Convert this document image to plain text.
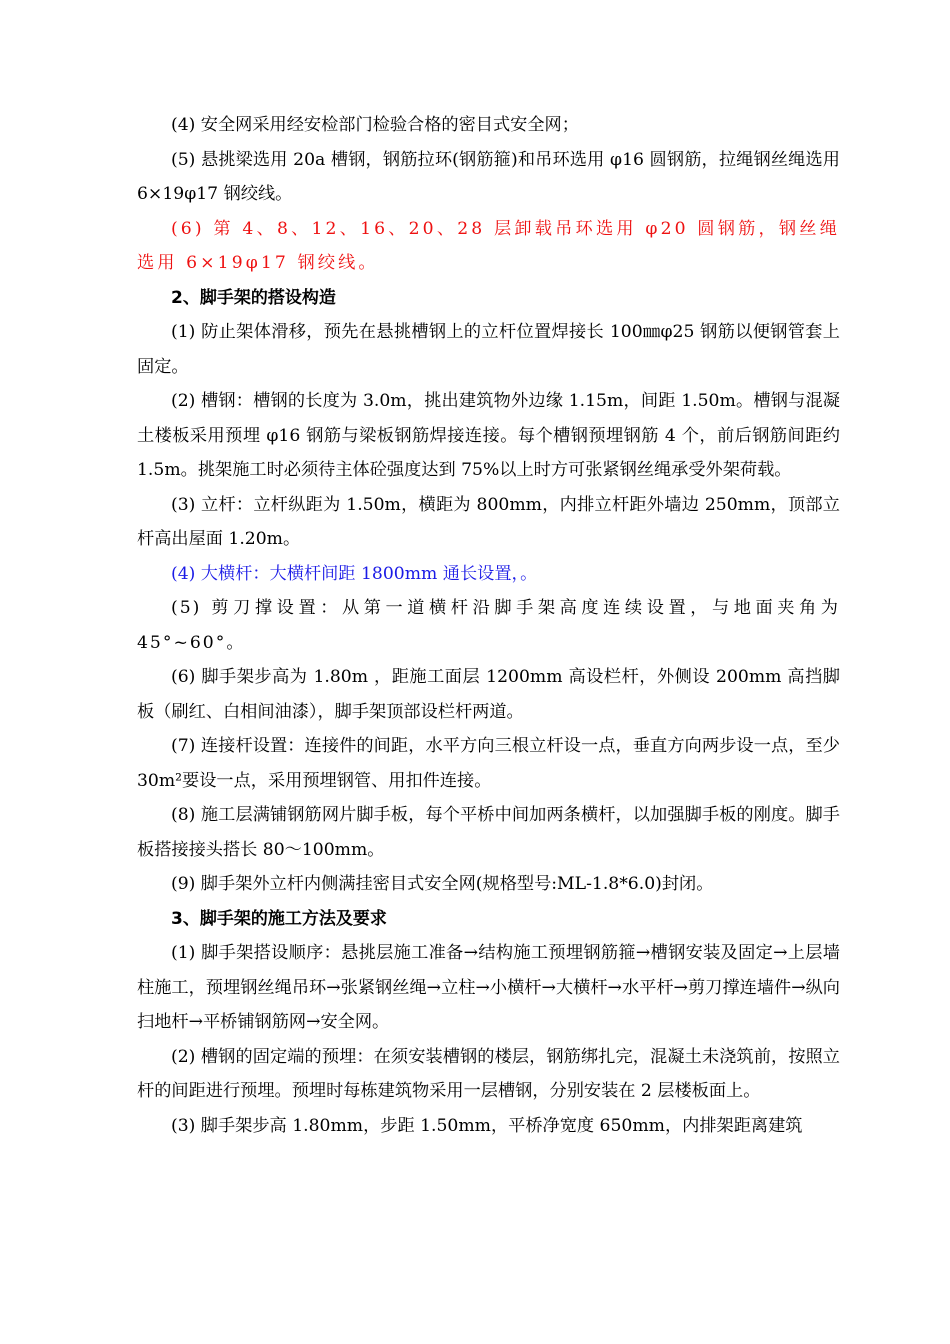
(4) 安全网采用经安检部门检验合格的密目式安全网；

(5) 悬挑梁选用 20a 槽钢，钢筋拉环(钢筋箍)和吊环选用 φ16 圆钢筋，拉绳钢丝绳选用 6×19φ17 钢绞线。

(6) 第 4、8、12、16、20、28 层卸载吊环选用 φ20 圆钢筋，钢丝绳选用 6×19φ17 钢绞线。

2、脚手架的搭设构造

(1) 防止架体滑移，预先在悬挑槽钢上的立杆位置焊接长 100㎜φ25 钢筋以便钢管套上固定。

(2) 槽钢：槽钢的长度为 3.0m，挑出建筑物外边缘 1.15m，间距 1.50m。槽钢与混凝土楼板采用预埋 φ16 钢筋与梁板钢筋焊接连接。每个槽钢预埋钢筋 4 个，前后钢筋间距约 1.5m。挑架施工时必须待主体砼强度达到 75%以上时方可张紧钢丝绳承受外架荷载。

(3) 立杆：立杆纵距为 1.50m，横距为 800mm，内排立杆距外墙边 250mm，顶部立杆高出屋面 1.20m。

(4) 大横杆：大横杆间距 1800mm 通长设置，。

(5) 剪刀撑设置：从第一道横杆沿脚手架高度连续设置，与地面夹角为 45°~60°。

(6) 脚手架步高为 1.80m ，距施工面层 1200mm 高设栏杆，外侧设 200mm 高挡脚板（刷红、白相间油漆），脚手架顶部设栏杆两道。

(7) 连接杆设置：连接件的间距，水平方向三根立杆设一点，垂直方向两步设一点，至少 30m²要设一点，采用预埋钢管、用扣件连接。

(8) 施工层满铺钢筋网片脚手板，每个平桥中间加两条横杆，以加强脚手板的刚度。脚手板搭接接头搭长 80～100mm。

(9) 脚手架外立杆内侧满挂密目式安全网(规格型号:ML-1.8*6.0)封闭。

3、脚手架的施工方法及要求

(1) 脚手架搭设顺序：悬挑层施工准备→结构施工预埋钢筋箍→槽钢安装及固定→上层墙柱施工，预埋钢丝绳吊环→张紧钢丝绳→立柱→小横杆→大横杆→水平杆→剪刀撑连墙件→纵向扫地杆→平桥铺钢筋网→安全网。

(2) 槽钢的固定端的预埋：在须安装槽钢的楼层，钢筋绑扎完，混凝土未浇筑前，按照立杆的间距进行预埋。预埋时每栋建筑物采用一层槽钢，分别安装在 2 层楼板面上。

(3) 脚手架步高 1.80mm，步距 1.50mm，平桥净宽度 650mm，内排架距离建筑
